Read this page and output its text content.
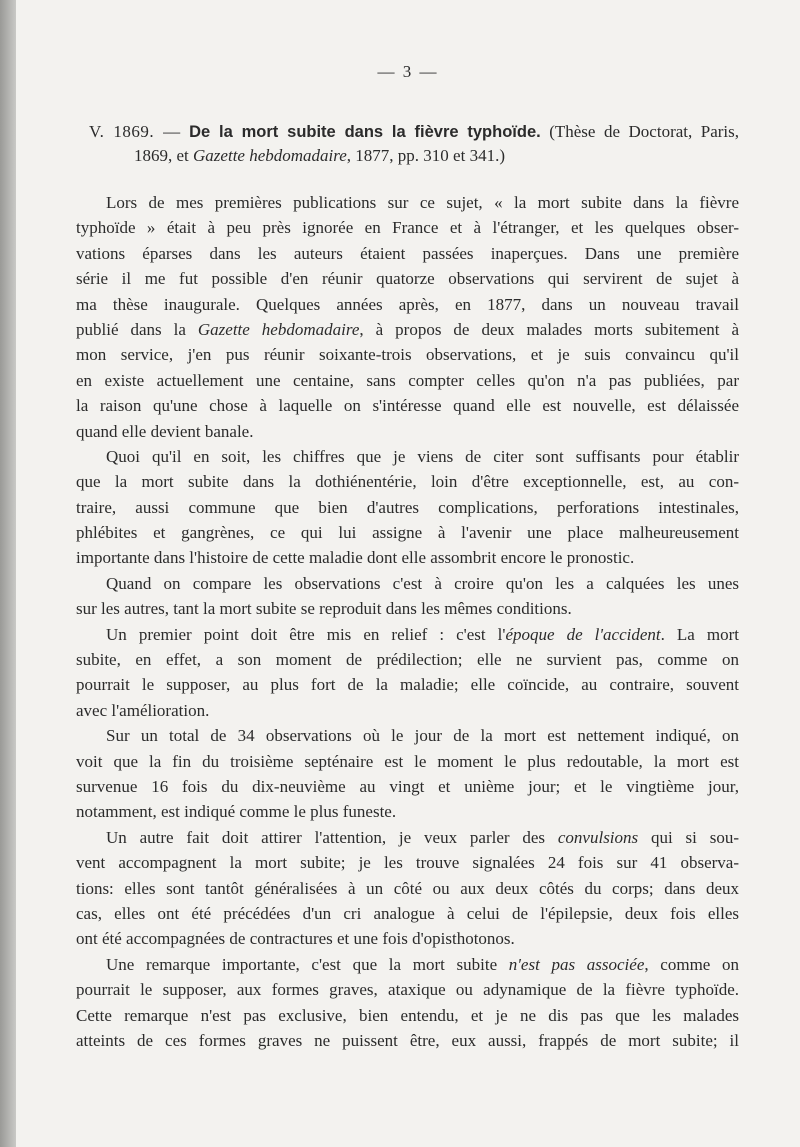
— 3 —
V. 1869. — De la mort subite dans la fièvre typhoïde. (Thèse de Doctorat, Paris,
1869, et Gazette hebdomadaire, 1877, pp. 310 et 341.)
Lors de mes premières publications sur ce sujet, « la mort subite dans la fièvre
typhoïde » était à peu près ignorée en France et à l'étranger, et les quelques obser-
vations éparses dans les auteurs étaient passées inaperçues. Dans une première
série il me fut possible d'en réunir quatorze observations qui servirent de sujet à
ma thèse inaugurale. Quelques années après, en 1877, dans un nouveau travail
publié dans la Gazette hebdomadaire, à propos de deux malades morts subitement à
mon service, j'en pus réunir soixante-trois observations, et je suis convaincu qu'il
en existe actuellement une centaine, sans compter celles qu'on n'a pas publiées, par
la raison qu'une chose à laquelle on s'intéresse quand elle est nouvelle, est délaissée
quand elle devient banale.
Quoi qu'il en soit, les chiffres que je viens de citer sont suffisants pour établir
que la mort subite dans la dothiénentérie, loin d'être exceptionnelle, est, au con-
traire, aussi commune que bien d'autres complications, perforations intestinales,
phlébites et gangrènes, ce qui lui assigne à l'avenir une place malheureusement
importante dans l'histoire de cette maladie dont elle assombrit encore le pronostic.
Quand on compare les observations c'est à croire qu'on les a calquées les unes
sur les autres, tant la mort subite se reproduit dans les mêmes conditions.
Un premier point doit être mis en relief : c'est l'époque de l'accident. La mort
subite, en effet, a son moment de prédilection; elle ne survient pas, comme on
pourrait le supposer, au plus fort de la maladie; elle coïncide, au contraire, souvent
avec l'amélioration.
Sur un total de 34 observations où le jour de la mort est nettement indiqué, on
voit que la fin du troisième septénaire est le moment le plus redoutable, la mort est
survenue 16 fois du dix-neuvième au vingt et unième jour; et le vingtième jour,
notamment, est indiqué comme le plus funeste.
Un autre fait doit attirer l'attention, je veux parler des convulsions qui si sou-
vent accompagnent la mort subite; je les trouve signalées 24 fois sur 41 observa-
tions: elles sont tantôt généralisées à un côté ou aux deux côtés du corps; dans deux
cas, elles ont été précédées d'un cri analogue à celui de l'épilepsie, deux fois elles
ont été accompagnées de contractures et une fois d'opisthotonos.
Une remarque importante, c'est que la mort subite n'est pas associée, comme on
pourrait le supposer, aux formes graves, ataxique ou adynamique de la fièvre typhoïde.
Cette remarque n'est pas exclusive, bien entendu, et je ne dis pas que les malades
atteints de ces formes graves ne puissent être, eux aussi, frappés de mort subite; il
